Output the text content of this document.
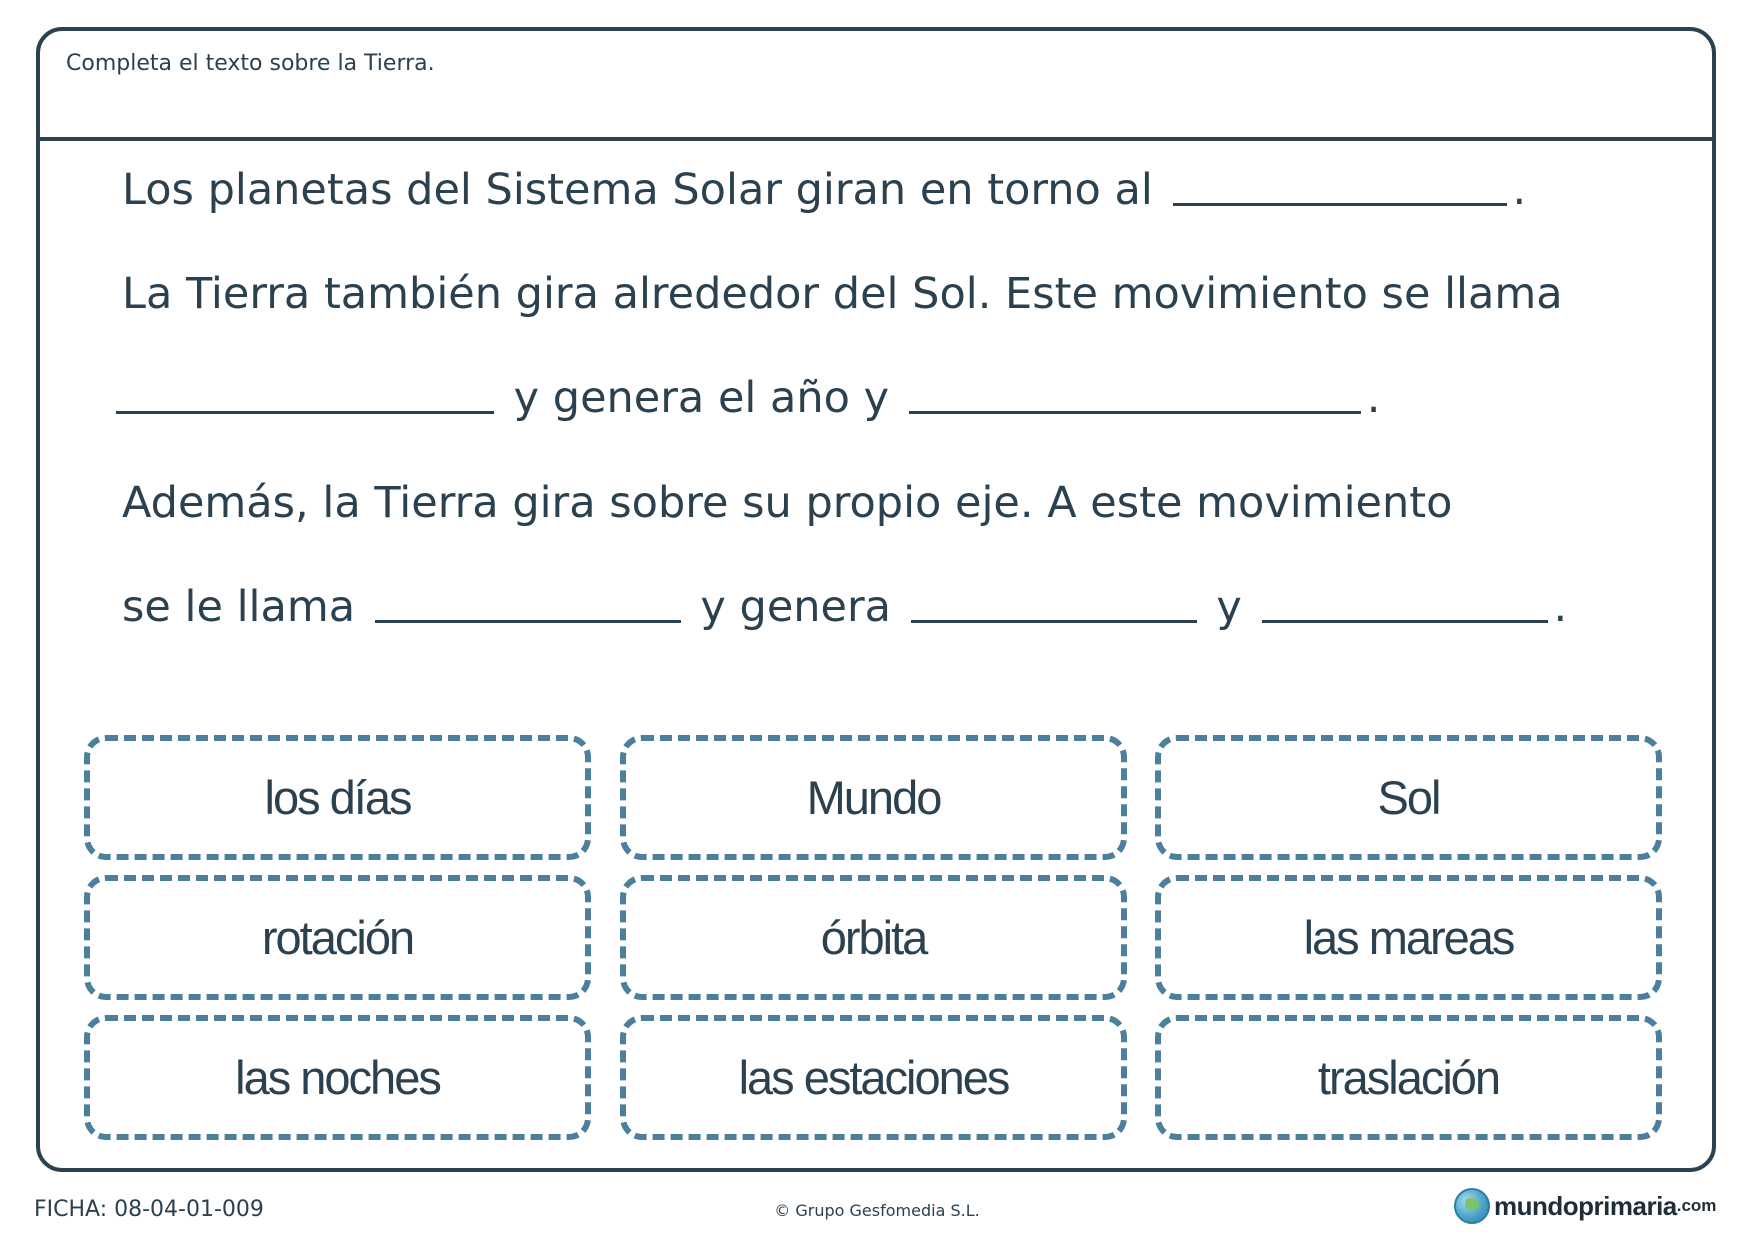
Completa el texto sobre la Tierra.
Los planetas del Sistema Solar giran en torno al	.
La Tierra también gira alrededor del Sol. Este movimiento se llama
y genera el año y	.
Además, la Tierra gira sobre su propio eje. A este movimiento
se le llama	y genera	y	.
los días	Mundo	Sol
rotación	órbita	las mareas
las noches	las estaciones	traslación
FICHA: 08-04-01-009	© Grupo Gesfomedia S.L.	mundoprimaria .com
